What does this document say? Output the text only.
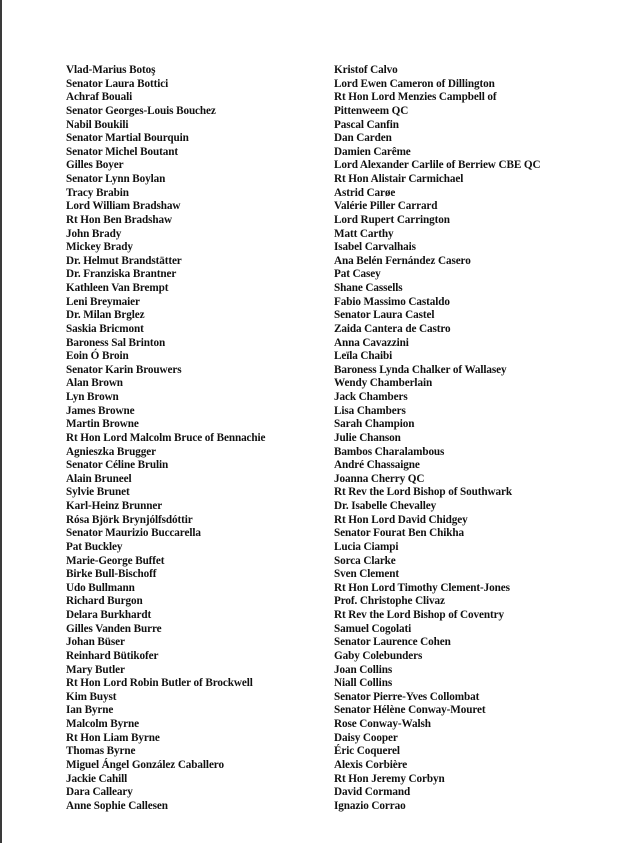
Vlad-Marius Botoş
Senator Laura Bottici
Achraf Bouali
Senator Georges-Louis Bouchez
Nabil Boukili
Senator Martial Bourquin
Senator Michel Boutant
Gilles Boyer
Senator Lynn Boylan
Tracy Brabin
Lord William Bradshaw
Rt Hon Ben Bradshaw
John Brady
Mickey Brady
Dr. Helmut Brandstätter
Dr. Franziska Brantner
Kathleen Van Brempt
Leni Breymaier
Dr. Milan Brglez
Saskia Bricmont
Baroness Sal Brinton
Eoin Ó Broin
Senator Karin Brouwers
Alan Brown
Lyn Brown
James Browne
Martin Browne
Rt Hon Lord Malcolm Bruce of Bennachie
Agnieszka Brugger
Senator Céline Brulin
Alain Bruneel
Sylvie Brunet
Karl-Heinz Brunner
Rósa Björk Brynjólfsdóttir
Senator Maurizio Buccarella
Pat Buckley
Marie-George Buffet
Birke Bull-Bischoff
Udo Bullmann
Richard Burgon
Delara Burkhardt
Gilles Vanden Burre
Johan Büser
Reinhard Bütikofer
Mary Butler
Rt Hon Lord Robin Butler of Brockwell
Kim Buyst
Ian Byrne
Malcolm Byrne
Rt Hon Liam Byrne
Thomas Byrne
Miguel Ángel González Caballero
Jackie Cahill
Dara Calleary
Anne Sophie Callesen
Kristof Calvo
Lord Ewen Cameron of Dillington
Rt Hon Lord Menzies Campbell of
Pittenweem QC
Pascal Canfin
Dan Carden
Damien Carême
Lord Alexander Carlile of Berriew CBE QC
Rt Hon Alistair Carmichael
Astrid Carøe
Valérie Piller Carrard
Lord Rupert Carrington
Matt Carthy
Isabel Carvalhais
Ana Belén Fernández Casero
Pat Casey
Shane Cassells
Fabio Massimo Castaldo
Senator Laura Castel
Zaida Cantera de Castro
Anna Cavazzini
Leïla Chaibi
Baroness Lynda Chalker of Wallasey
Wendy Chamberlain
Jack Chambers
Lisa Chambers
Sarah Champion
Julie Chanson
Bambos Charalambous
André Chassaigne
Joanna Cherry QC
Rt Rev the Lord Bishop of Southwark
Dr. Isabelle Chevalley
Rt Hon Lord David Chidgey
Senator Fourat Ben Chikha
Lucia Ciampi
Sorca Clarke
Sven Clement
Rt Hon Lord Timothy Clement-Jones
Prof. Christophe Clivaz
Rt Rev the Lord Bishop of Coventry
Samuel Cogolati
Senator Laurence Cohen
Gaby Colebunders
Joan Collins
Niall Collins
Senator Pierre-Yves Collombat
Senator Hélène Conway-Mouret
Rose Conway-Walsh
Daisy Cooper
Éric Coquerel
Alexis Corbière
Rt Hon Jeremy Corbyn
David Cormand
Ignazio Corrao
